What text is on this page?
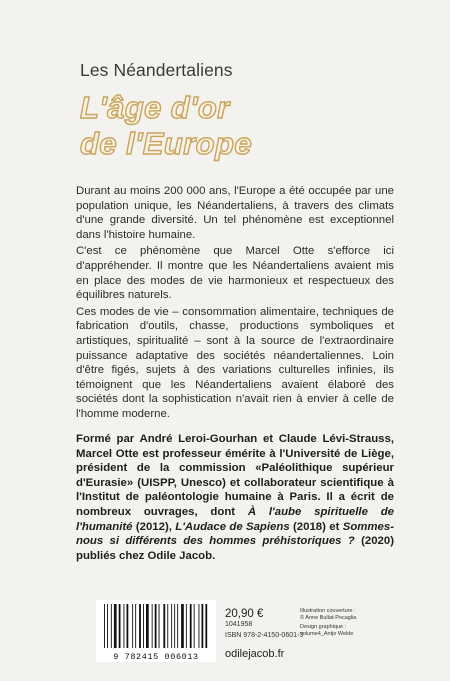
Les Néandertaliens
L'âge d'or
de l'Europe

Durant au moins 200 000 ans, l'Europe a été occupée par une population unique, les Néandertaliens, à travers des climats d'une grande diversité. Un tel phénomène est exceptionnel dans l'histoire humaine.

C'est ce phénomène que Marcel Otte s'efforce ici d'appréhender. Il montre que les Néandertaliens avaient mis en place des modes de vie harmonieux et respectueux des équilibres naturels.

Ces modes de vie – consommation alimentaire, techniques de fabrication d'outils, chasse, productions symboliques et artistiques, spiritualité – sont à la source de l'extraordinaire puissance adaptative des sociétés néandertaliennes. Loin d'être figés, sujets à des variations culturelles infinies, ils témoignent que les Néandertaliens avaient élaboré des sociétés dont la sophistication n'avait rien à envier à celle de l'homme moderne.

Formé par André Leroi-Gourhan et Claude Lévi-Strauss, Marcel Otte est professeur émérite à l'Université de Liège, président de la commission «Paléolithique supérieur d'Eurasie» (UISPP, Unesco) et collaborateur scientifique à l'Institut de paléontologie humaine à Paris. Il a écrit de nombreux ouvrages, dont À l'aube spirituelle de l'humanité (2012), L'Audace de Sapiens (2018) et Sommes-nous si différents des hommes préhistoriques ? (2020) publiés chez Odile Jacob.
9 782415 006013
20,90 €
1041958
ISBN 978-2-4150-0601-3
odilejacob.fr
Illustration couverture :
© Anne Bullat-Pocaglia
Design graphique :
volume4_Antje Welde
